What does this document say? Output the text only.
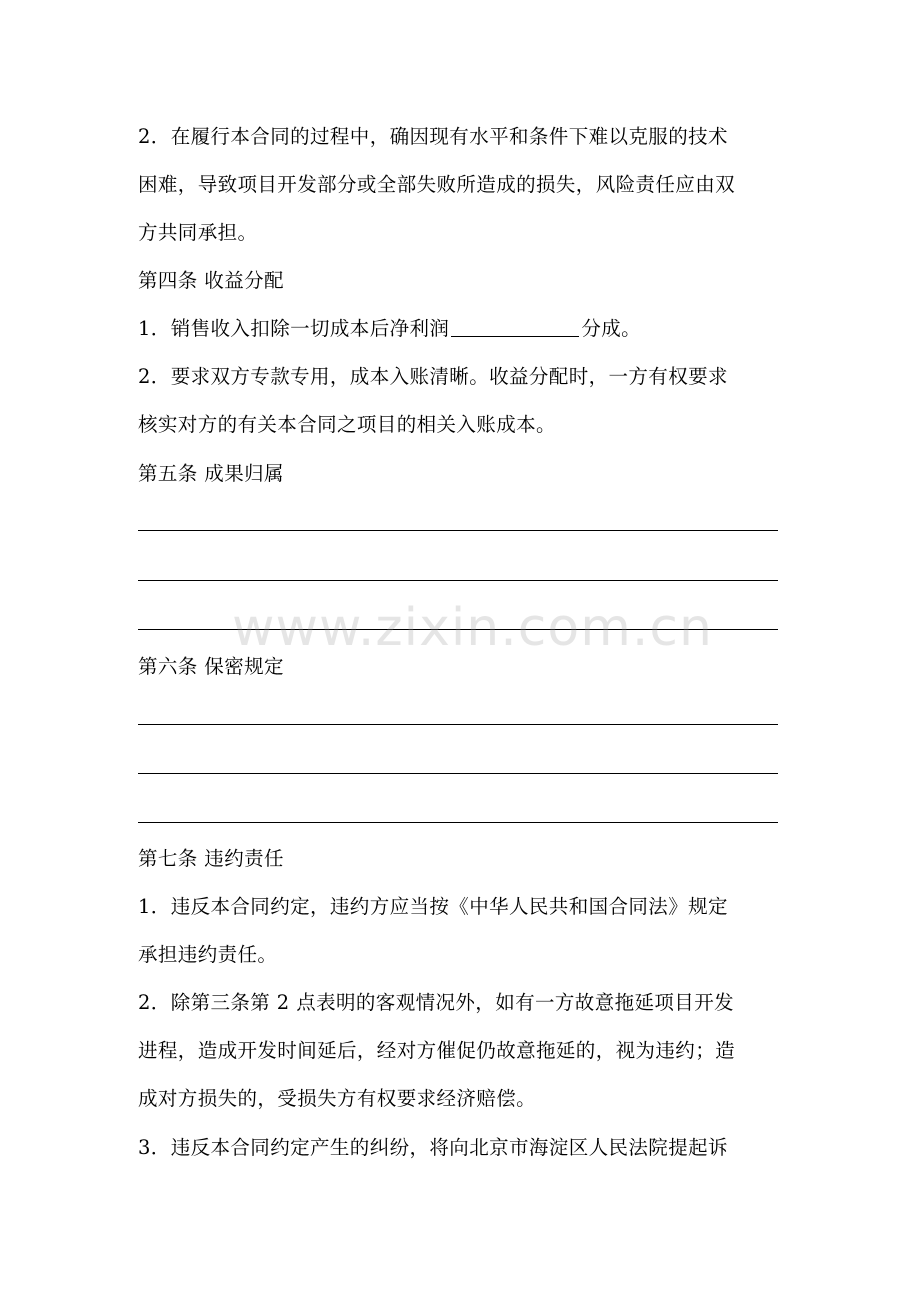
2．在履行本合同的过程中，确因现有水平和条件下难以克服的技术
困难，导致项目开发部分或全部失败所造成的损失，风险责任应由双
方共同承担。
第四条 收益分配
1．销售收入扣除一切成本后净利润	分成。
2．要求双方专款专用，成本入账清晰。收益分配时，一方有权要求
核实对方的有关本合同之项目的相关入账成本。
第五条 成果归属
第六条 保密规定
第七条 违约责任
1．违反本合同约定，违约方应当按《中华人民共和国合同法》规定
承担违约责任。
2．除第三条第 2 点表明的客观情况外，如有一方故意拖延项目开发
进程，造成开发时间延后，经对方催促仍故意拖延的，视为违约；造
成对方损失的，受损失方有权要求经济赔偿。
3．违反本合同约定产生的纠纷，将向北京市海淀区人民法院提起诉
www.zixin.com.cn
